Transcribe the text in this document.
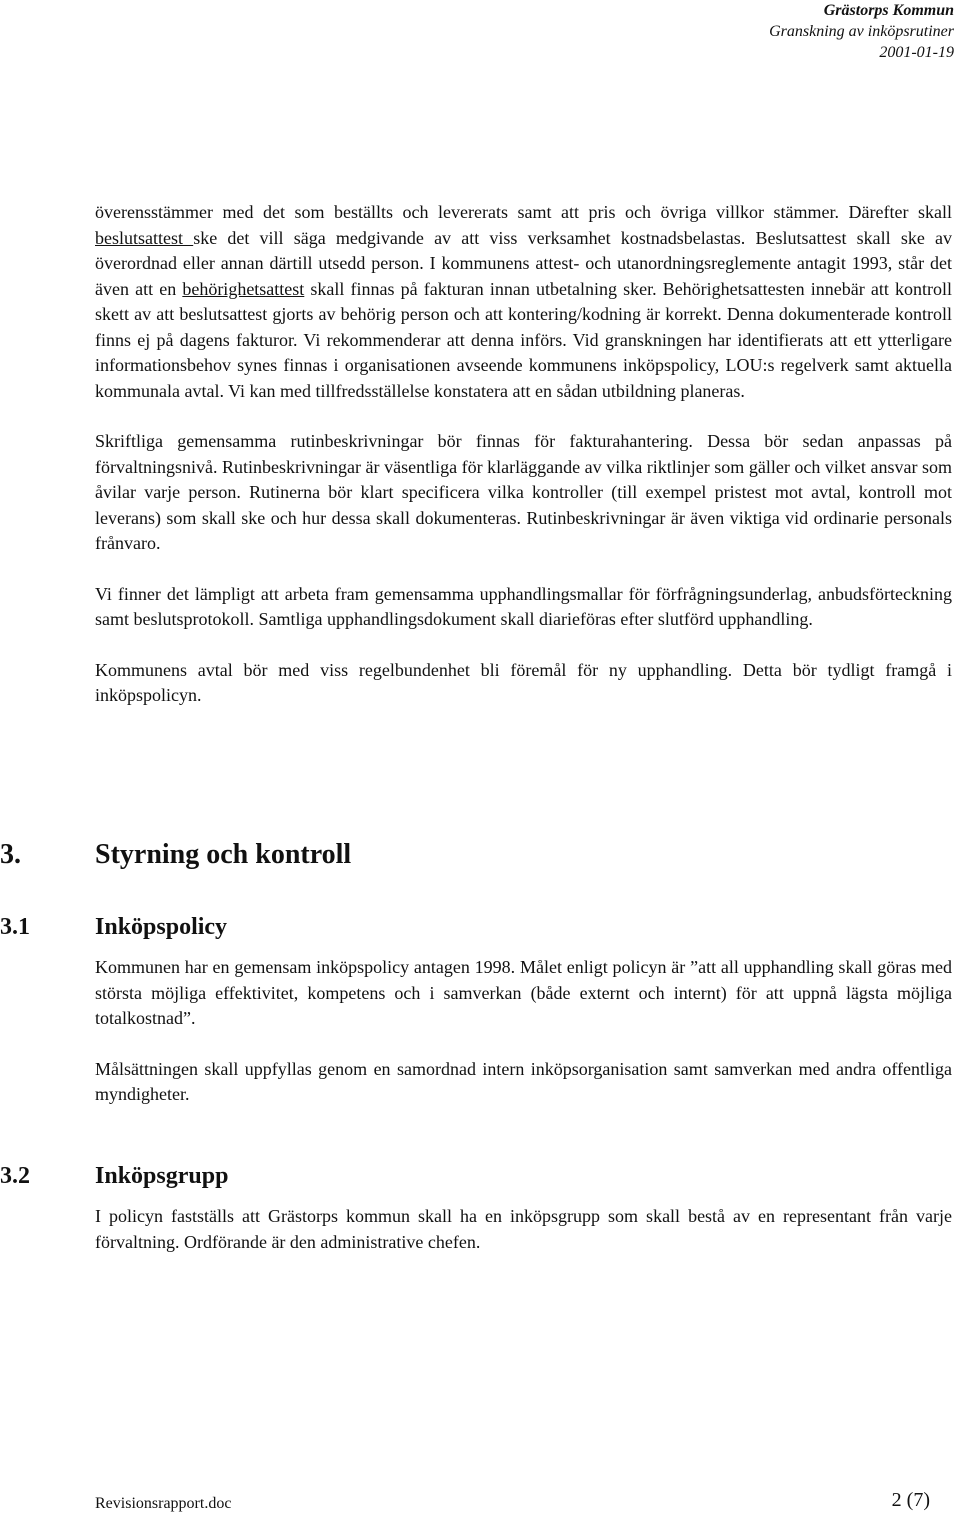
Grästorps Kommun
Granskning av inköpsrutiner
2001-01-19

överensstämmer med det som beställts och levererats samt att pris och övriga villkor stämmer. Därefter skall beslutsattest ske det vill säga medgivande av att viss verksamhet kostnadsbelastas. Beslutsattest skall ske av överordnad eller annan därtill utsedd person. I kommunens attest- och utanordningsreglemente antagit 1993, står det även att en behörighetsattest skall finnas på fakturan innan utbetalning sker. Behörighetsattesten innebär att kontroll skett av att beslutsattest gjorts av behörig person och att kontering/kodning är korrekt. Denna dokumenterade kontroll finns ej på dagens fakturor. Vi rekommenderar att denna införs. Vid granskningen har identifierats att ett ytterligare informationsbehov synes finnas i organisationen avseende kommunens inköpspolicy, LOU:s regelverk samt aktuella kommunala avtal. Vi kan med tillfredsställelse konstatera att en sådan utbildning planeras.

Skriftliga gemensamma rutinbeskrivningar bör finnas för fakturahantering. Dessa bör sedan anpassas på förvaltningsnivå. Rutinbeskrivningar är väsentliga för klarläggande av vilka riktlinjer som gäller och vilket ansvar som åvilar varje person. Rutinerna bör klart specificera vilka kontroller (till exempel pristest mot avtal, kontroll mot leverans) som skall ske och hur dessa skall dokumenteras. Rutinbeskrivningar är även viktiga vid ordinarie personals frånvaro.

Vi finner det lämpligt att arbeta fram gemensamma upphandlingsmallar för förfrågningsunderlag, anbudsförteckning samt beslutsprotokoll. Samtliga upphandlingsdokument skall diarieföras efter slutförd upphandling.

Kommunens avtal bör med viss regelbundenhet bli föremål för ny upphandling. Detta bör tydligt framgå i inköpspolicyn.

3.	Styrning och kontroll
3.1	Inköpspolicy

Kommunen har en gemensam inköpspolicy antagen 1998. Målet enligt policyn är ”att all upphandling skall göras med största möjliga effektivitet, kompetens och i samverkan (både externt och internt) för att uppnå lägsta möjliga totalkostnad”.

Målsättningen skall uppfyllas genom en samordnad intern inköpsorganisation samt samverkan med andra offentliga myndigheter.

3.2	Inköpsgrupp

I policyn fastställs att Grästorps kommun skall ha en inköpsgrupp som skall bestå av en representant från varje förvaltning. Ordförande är den administrative chefen.

Revisionsrapport.doc	2 (7)
